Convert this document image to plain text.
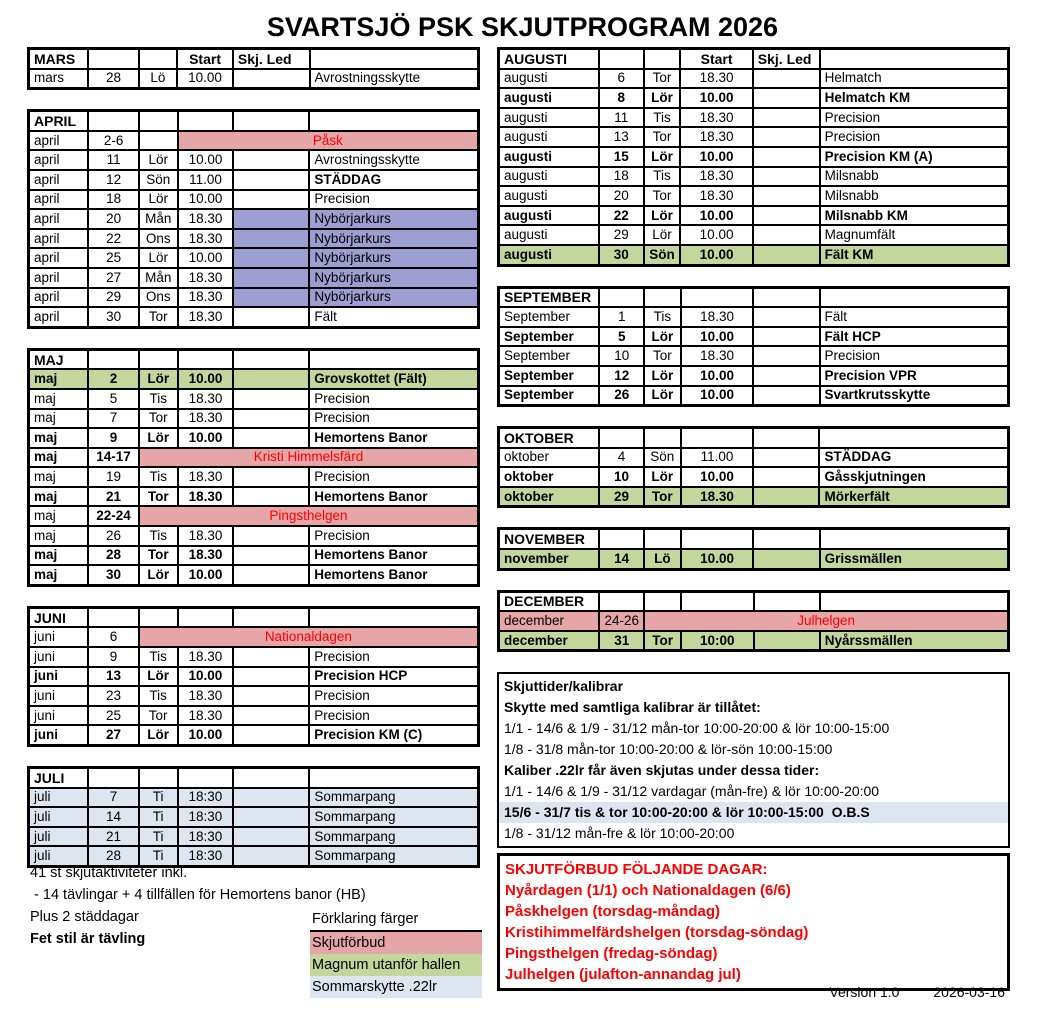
SVARTSJÖ PSK SKJUTPROGRAM 2026
MARS			Start	Skj. Led	
mars	28	Lö	10.00		Avrostningsskytte
APRIL					
april	2-6		Påsk		
april	11	Lör	10.00		Avrostningsskytte
april	12	Sön	11.00		STÄDDAG
april	18	Lör	10.00		Precision
april	20	Mån	18.30		Nybörjarkurs
april	22	Ons	18.30		Nybörjarkurs
april	25	Lör	10.00		Nybörjarkurs
april	27	Mån	18.30		Nybörjarkurs
april	29	Ons	18.30		Nybörjarkurs
april	30	Tor	18.30		Fält
MAJ					
maj	2	Lör	10.00		Grovskottet (Fält)
maj	5	Tis	18.30		Precision
maj	7	Tor	18.30		Precision
maj	9	Lör	10.00		Hemortens Banor
maj	14-17	Kristi Himmelsfärd			
maj	19	Tis	18.30		Precision
maj	21	Tor	18.30		Hemortens Banor
maj	22-24	Pingsthelgen			
maj	26	Tis	18.30		Precision
maj	28	Tor	18.30		Hemortens Banor
maj	30	Lör	10.00		Hemortens Banor
JUNI					
juni	6	Nationaldagen			
juni	9	Tis	18.30		Precision
juni	13	Lör	10.00		Precision HCP
juni	23	Tis	18.30		Precision
juni	25	Tor	18.30		Precision
juni	27	Lör	10.00		Precision KM (C)
JULI					
juli	7	Ti	18:30		Sommarpang
juli	14	Ti	18:30		Sommarpang
juli	21	Ti	18:30		Sommarpang
juli	28	Ti	18:30		Sommarpang
AUGUSTI			Start	Skj. Led	
augusti	6	Tor	18.30		Helmatch
augusti	8	Lör	10.00		Helmatch KM
augusti	11	Tis	18.30		Precision
augusti	13	Tor	18.30		Precision
augusti	15	Lör	10.00		Precision KM (A)
augusti	18	Tis	18.30		Milsnabb
augusti	20	Tor	18.30		Milsnabb
augusti	22	Lör	10.00		Milsnabb KM
augusti	29	Lör	10.00		Magnumfält
augusti	30	Sön	10.00		Fält KM
SEPTEMBER					
September	1	Tis	18.30		Fält
September	5	Lör	10.00		Fält HCP
September	10	Tor	18.30		Precision
September	12	Lör	10.00		Precision VPR
September	26	Lör	10.00		Svartkrutsskytte
OKTOBER					
oktober	4	Sön	11.00		STÄDDAG
oktober	10	Lör	10.00		Gåsskjutningen
oktober	29	Tor	18.30		Mörkerfält
NOVEMBER					
november	14	Lö	10.00		Grissmällen
DECEMBER					
december	24-26	Julhelgen			
december	31	Tor	10:00		Nyårssmällen
41 st skjutaktiviteter inkl.
- 14 tävlingar + 4 tillfällen för Hemortens banor (HB)
Plus 2 städdagar
Fet stil är tävling
Förklaring färger
Skjutförbud
Magnum utanför hallen
Sommarskytte .22lr
Skjuttider/kalibrar
Skytte med samtliga kalibrar är tillåtet:
1/1 - 14/6 & 1/9 - 31/12 mån-tor 10:00-20:00 & lör 10:00-15:00
1/8 - 31/8 mån-tor 10:00-20:00 & lör-sön 10:00-15:00
Kaliber .22lr får även skjutas under dessa tider:
1/1 - 14/6 & 1/9 - 31/12 vardagar (mån-fre) & lör 10:00-20:00
15/6 - 31/7 tis & tor 10:00-20:00 & lör 10:00-15:00  O.B.S
1/8 - 31/12 mån-fre & lör 10:00-20:00
SKJUTFÖRBUD FÖLJANDE DAGAR:
Nyårdagen (1/1) och Nationaldagen (6/6)
Påskhelgen (torsdag-måndag)
Kristihimmelfärdshelgen (torsdag-söndag)
Pingsthelgen (fredag-söndag)
Julhelgen (julafton-annandag jul)
Version 1.0 2026-03-16
